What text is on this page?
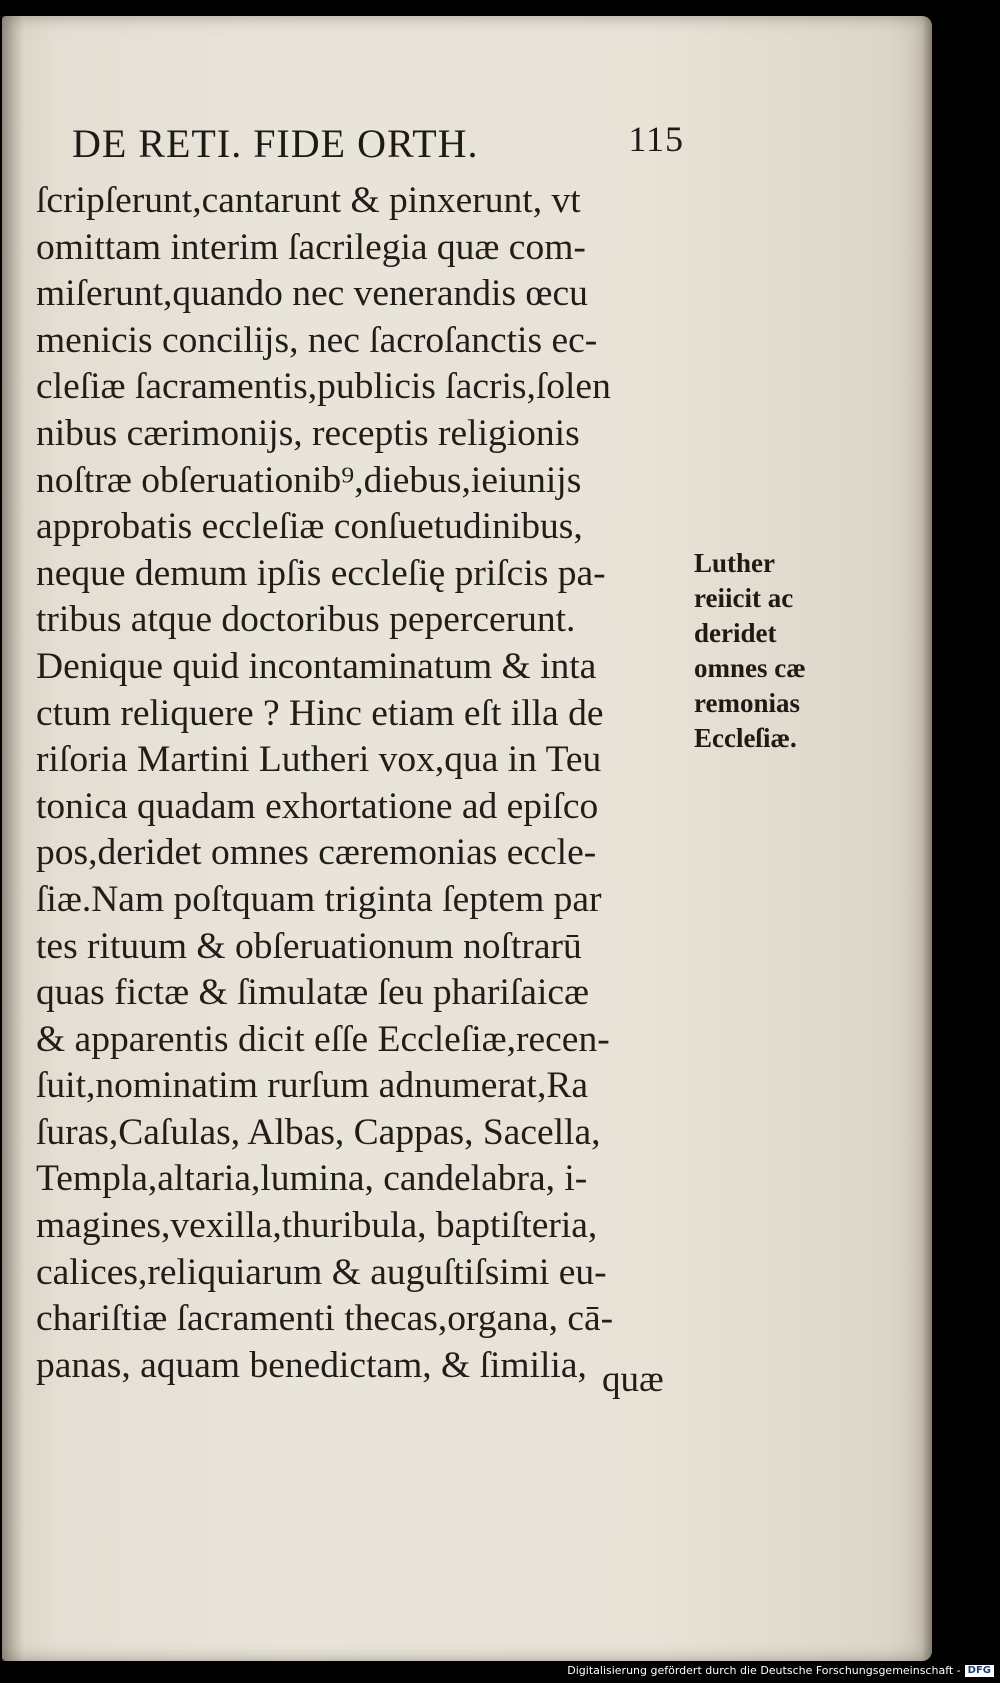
DE RETI. FIDE ORTH.	115
ſcripſerunt,cantarunt & pinxerunt, vt
omittam interim ſacrilegia quæ com-
miſerunt,quando nec venerandis œcu
menicis concilijs, nec ſacroſanctis ec-
cleſiæ ſacramentis,publicis ſacris,ſolen
nibus cærimonijs, receptis religionis
noſtræ obſeruationib⁹,diebus,ieiunijs
approbatis eccleſiæ conſuetudinibus,
neque demum ipſis eccleſię priſcis pa-
tribus atque doctoribus pepercerunt.
Denique quid incontaminatum & inta
ctum reliquere ? Hinc etiam eſt illa de
riſoria Martini Lutheri vox,qua in Teu
tonica quadam exhortatione ad epiſco
pos,deridet omnes cæremonias eccle-
ſiæ.Nam poſtquam triginta ſeptem par
tes rituum & obſeruationum noſtrarū
quas fictæ & ſimulatæ ſeu phariſaicæ
& apparentis dicit eſſe Eccleſiæ,recen-
ſuit,nominatim rurſum adnumerat,Ra
ſuras,Caſulas, Albas, Cappas, Sacella,
Templa,altaria,lumina, candelabra, i-
magines,vexilla,thuribula, baptiſteria,
calices,reliquiarum & auguſtiſsimi eu-
chariſtiæ ſacramenti thecas,organa, cā-
panas, aquam benedictam, & ſimilia, quæ
Luther
reiicit ac
deridet
omnes cæ
remonias
Eccleſiæ.
Digitalisierung gefördert durch die Deutsche Forschungsgemeinschaft - DFG
